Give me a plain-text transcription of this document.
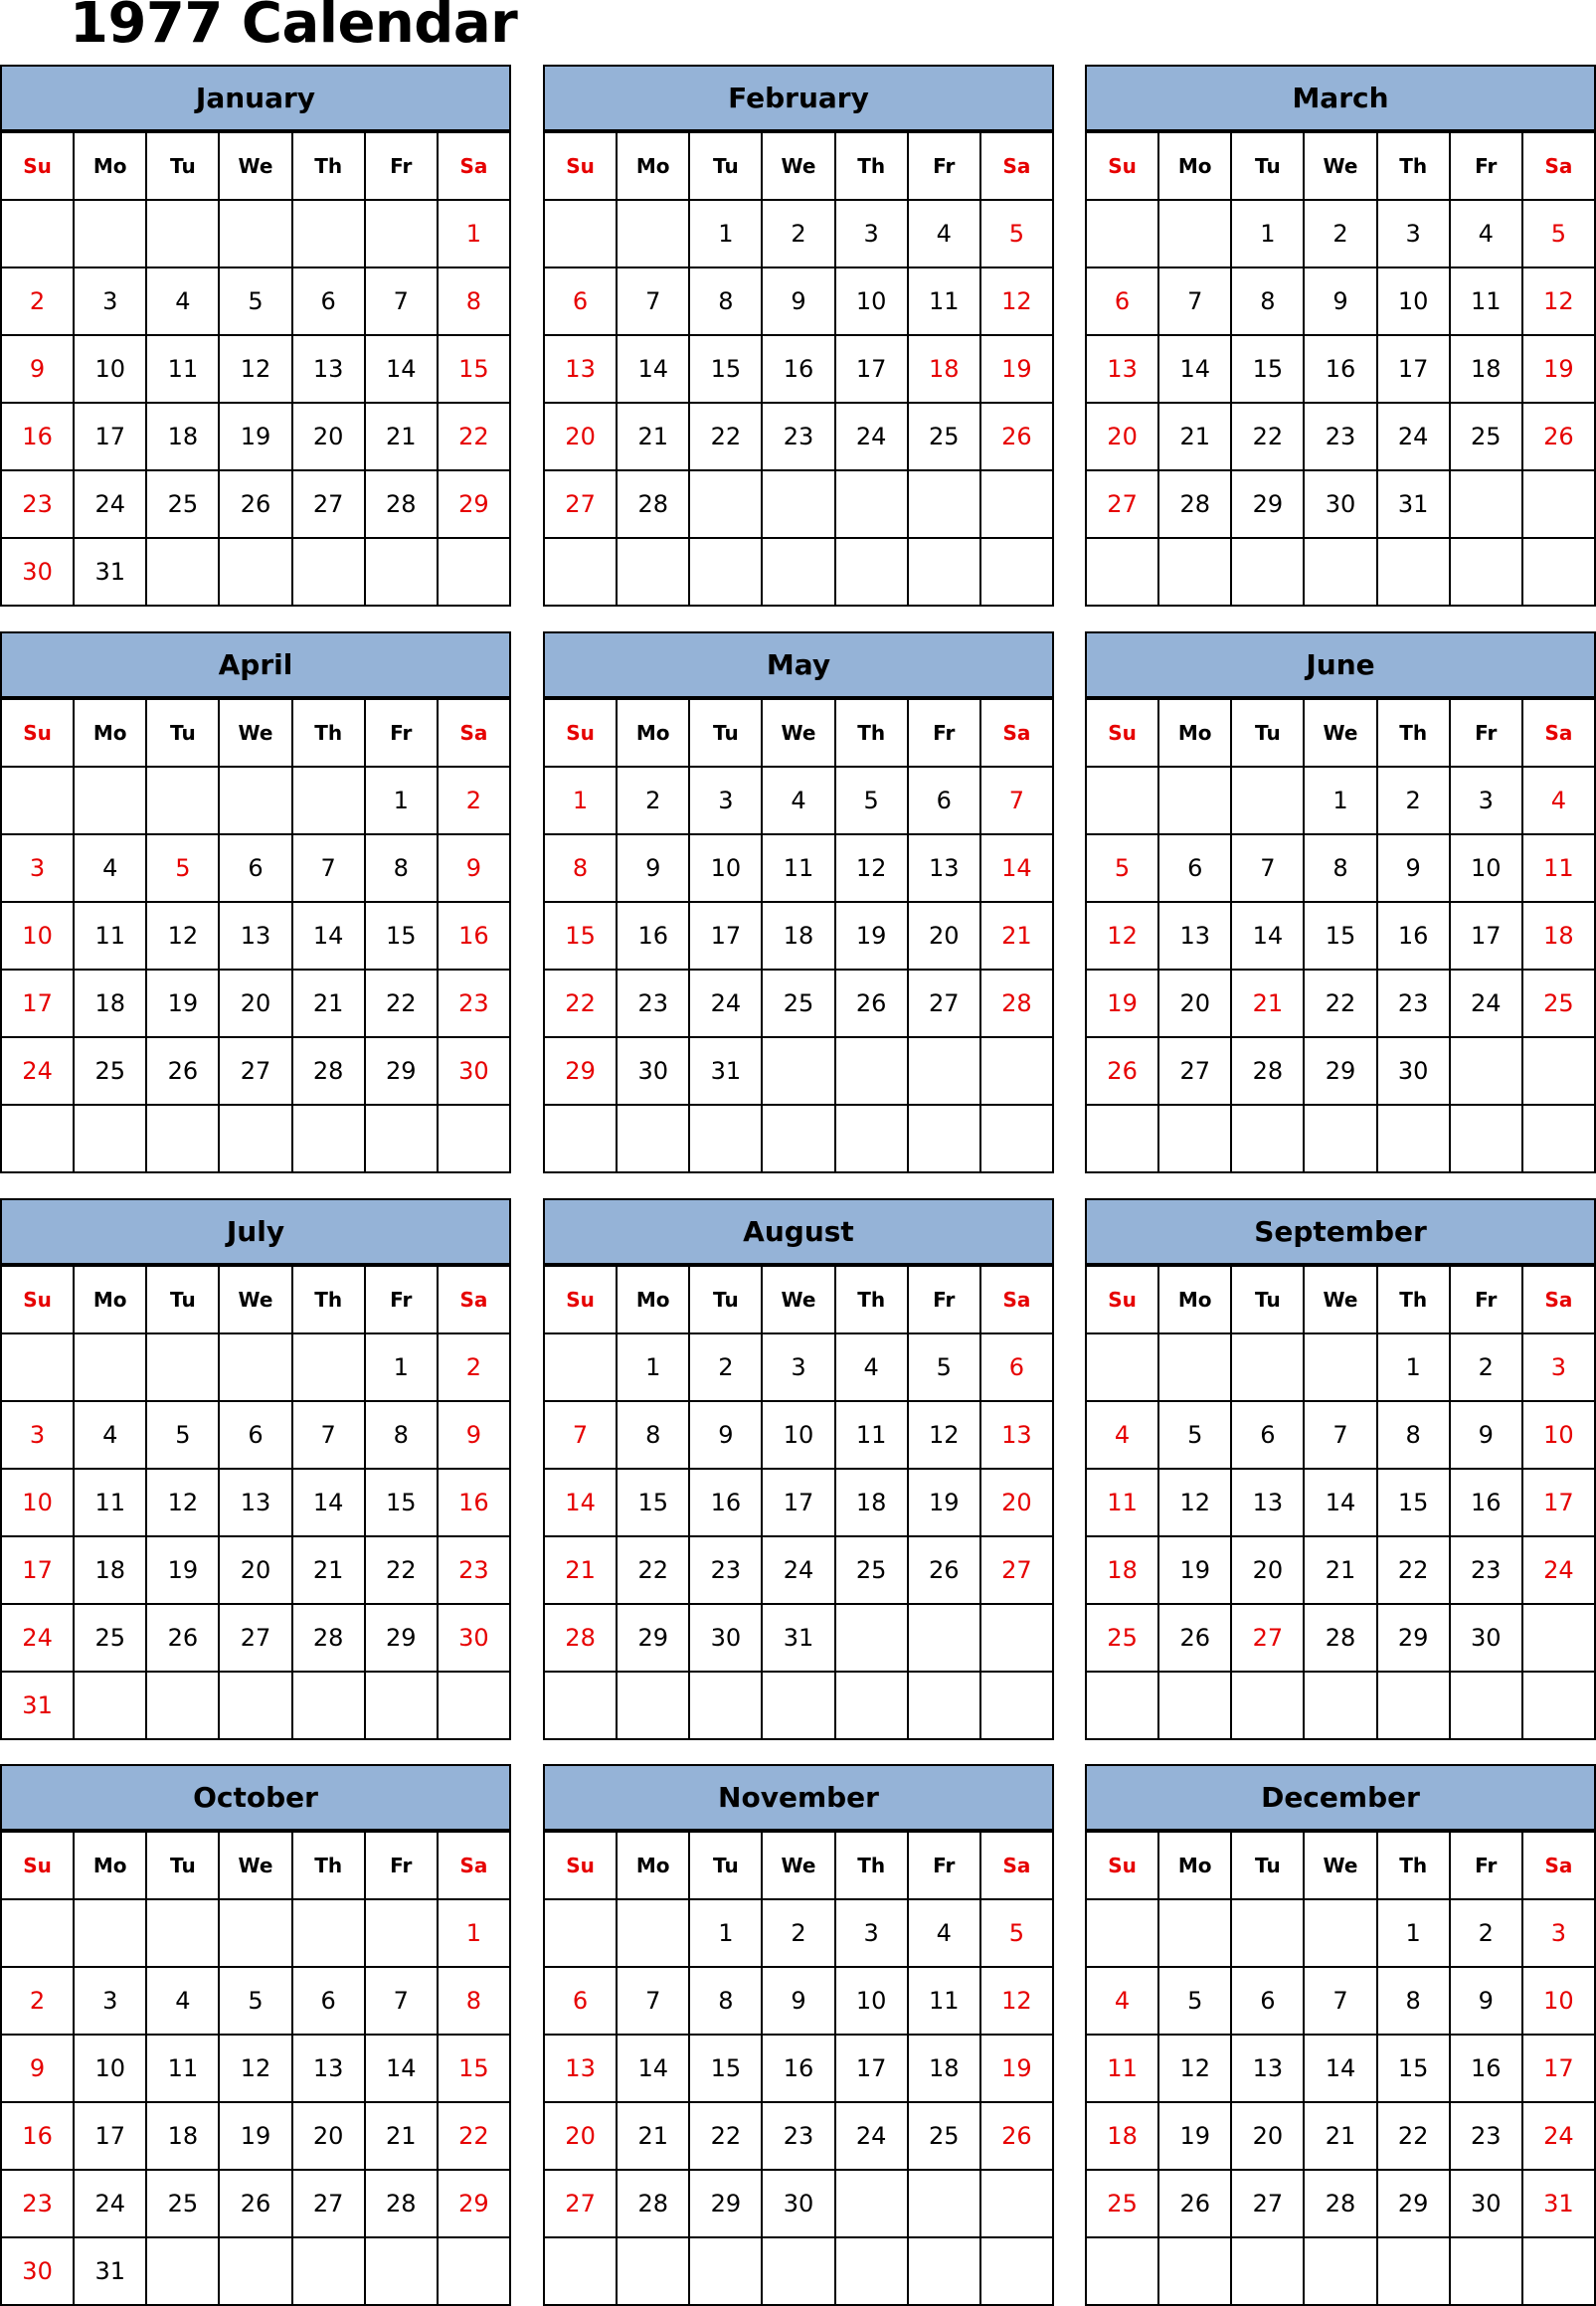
1977 Calendar
January
Su	Mo	Tu	We	Th	Fr	Sa
						1
2	3	4	5	6	7	8
9	10	11	12	13	14	15
16	17	18	19	20	21	22
23	24	25	26	27	28	29
30	31					
February
Su	Mo	Tu	We	Th	Fr	Sa
		1	2	3	4	5
6	7	8	9	10	11	12
13	14	15	16	17	18	19
20	21	22	23	24	25	26
27	28					

March
Su	Mo	Tu	We	Th	Fr	Sa
		1	2	3	4	5
6	7	8	9	10	11	12
13	14	15	16	17	18	19
20	21	22	23	24	25	26
27	28	29	30	31		

April
Su	Mo	Tu	We	Th	Fr	Sa
					1	2
3	4	5	6	7	8	9
10	11	12	13	14	15	16
17	18	19	20	21	22	23
24	25	26	27	28	29	30

May
Su	Mo	Tu	We	Th	Fr	Sa
1	2	3	4	5	6	7
8	9	10	11	12	13	14
15	16	17	18	19	20	21
22	23	24	25	26	27	28
29	30	31				

June
Su	Mo	Tu	We	Th	Fr	Sa
			1	2	3	4
5	6	7	8	9	10	11
12	13	14	15	16	17	18
19	20	21	22	23	24	25
26	27	28	29	30		

July
Su	Mo	Tu	We	Th	Fr	Sa
					1	2
3	4	5	6	7	8	9
10	11	12	13	14	15	16
17	18	19	20	21	22	23
24	25	26	27	28	29	30
31						
August
Su	Mo	Tu	We	Th	Fr	Sa
	1	2	3	4	5	6
7	8	9	10	11	12	13
14	15	16	17	18	19	20
21	22	23	24	25	26	27
28	29	30	31			

September
Su	Mo	Tu	We	Th	Fr	Sa
				1	2	3
4	5	6	7	8	9	10
11	12	13	14	15	16	17
18	19	20	21	22	23	24
25	26	27	28	29	30	

October
Su	Mo	Tu	We	Th	Fr	Sa
						1
2	3	4	5	6	7	8
9	10	11	12	13	14	15
16	17	18	19	20	21	22
23	24	25	26	27	28	29
30	31					
November
Su	Mo	Tu	We	Th	Fr	Sa
		1	2	3	4	5
6	7	8	9	10	11	12
13	14	15	16	17	18	19
20	21	22	23	24	25	26
27	28	29	30			

December
Su	Mo	Tu	We	Th	Fr	Sa
				1	2	3
4	5	6	7	8	9	10
11	12	13	14	15	16	17
18	19	20	21	22	23	24
25	26	27	28	29	30	31
